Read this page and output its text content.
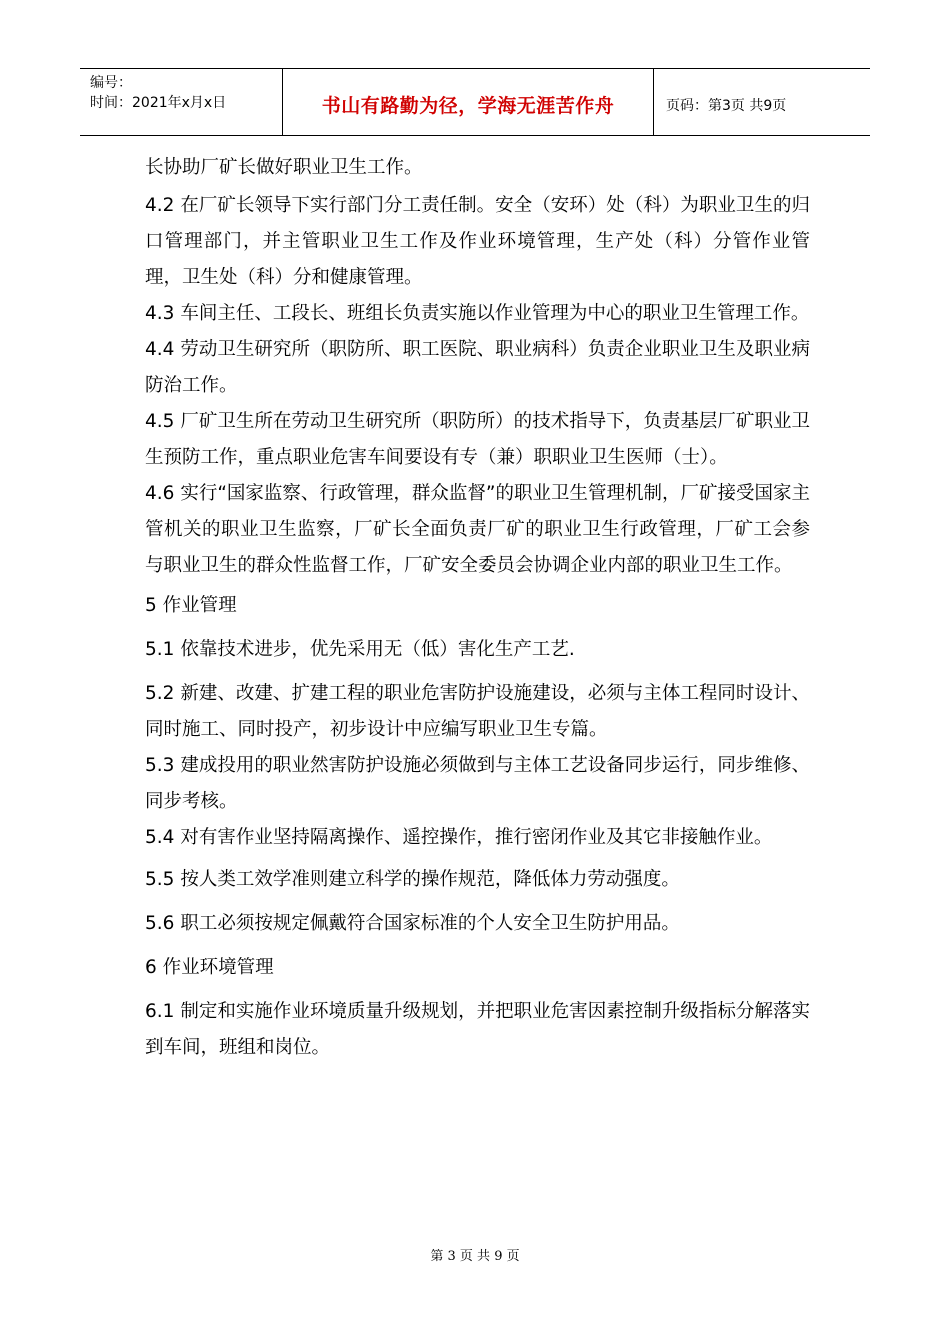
编号：
时间：2021年x月x日	书山有路勤为径，学海无涯苦作舟	页码：第3页 共9页

长协助厂矿长做好职业卫生工作。

4.2 在厂矿长领导下实行部门分工责任制。安全（安环）处（科）为职业卫生的归口管理部门，并主管职业卫生工作及作业环境管理，生产处（科）分管作业管理，卫生处（科）分和健康管理。

4.3 车间主任、工段长、班组长负责实施以作业管理为中心的职业卫生管理工作。

4.4 劳动卫生研究所（职防所、职工医院、职业病科）负责企业职业卫生及职业病防治工作。

4.5 厂矿卫生所在劳动卫生研究所（职防所）的技术指导下，负责基层厂矿职业卫生预防工作，重点职业危害车间要设有专（兼）职职业卫生医师（士）。

4.6 实行“国家监察、行政管理，群众监督”的职业卫生管理机制，厂矿接受国家主管机关的职业卫生监察，厂矿长全面负责厂矿的职业卫生行政管理，厂矿工会参与职业卫生的群众性监督工作，厂矿安全委员会协调企业内部的职业卫生工作。

5 作业管理

5.1 依靠技术进步，优先采用无（低）害化生产工艺.

5.2 新建、改建、扩建工程的职业危害防护设施建设，必须与主体工程同时设计、同时施工、同时投产，初步设计中应编写职业卫生专篇。

5.3 建成投用的职业然害防护设施必须做到与主体工艺设备同步运行，同步维修、同步考核。

5.4 对有害作业坚持隔离操作、遥控操作，推行密闭作业及其它非接触作业。

5.5 按人类工效学准则建立科学的操作规范，降低体力劳动强度。

5.6 职工必须按规定佩戴符合国家标准的个人安全卫生防护用品。

6 作业环境管理

6.1 制定和实施作业环境质量升级规划，并把职业危害因素控制升级指标分解落实到车间，班组和岗位。

第 3 页 共 9 页
